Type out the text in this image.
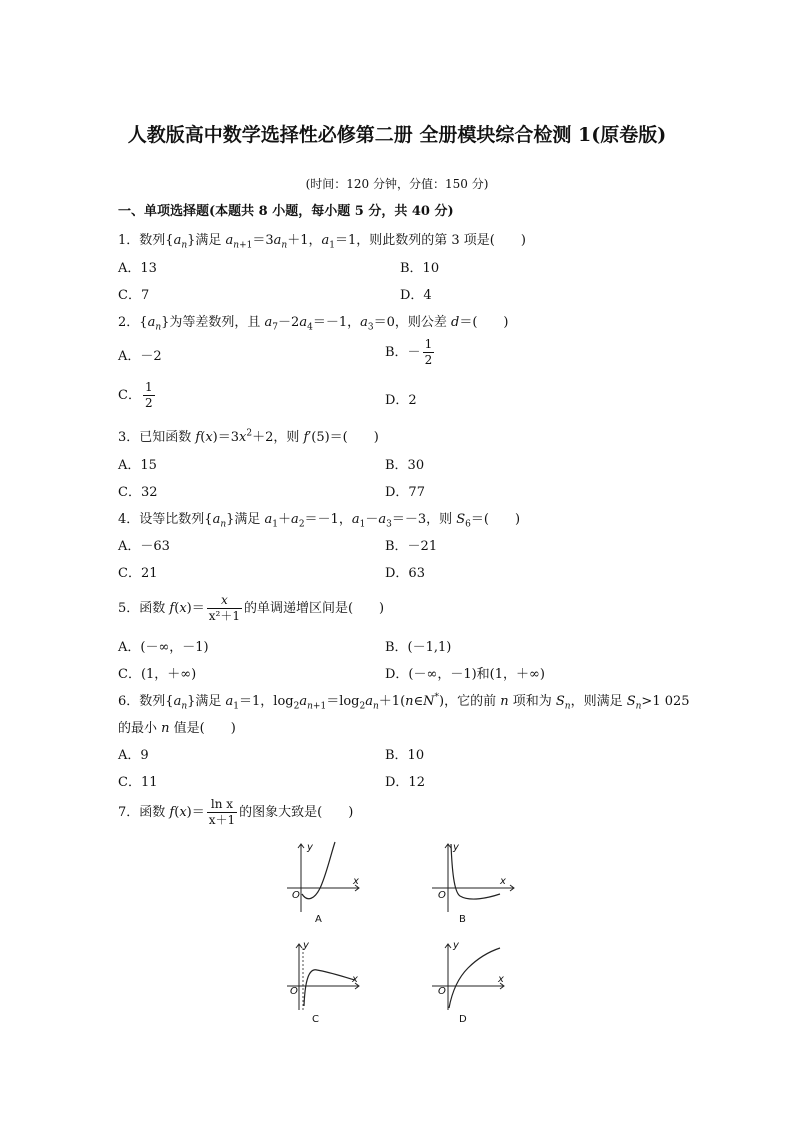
人教版高中数学选择性必修第二册 全册模块综合检测 1(原卷版)
(时间：120 分钟，分值：150 分)
一、单项选择题(本题共 8 小题，每小题 5 分，共 40 分)
1．数列$\{a_n\}$满足 $a_{n+1}=3a_n+1$，$a_1=1$，则此数列的第 3 项是(　　)
A．13	B．10
C．7	D．4
2．$\{a_n\}$为等差数列，且 $a_7-2a_4=-1$，$a_3=0$，则公差 d＝(　　)
A．－2	B．－ $\frac{1}{2}$
C． $\frac{1}{2}$	D．2
3．已知函数 $f(x)=3x^2+2$，则 f′(5)＝(　　)
A．15	B．30
C．32	D．77
4．设等比数列$\{a_n\}$满足 $a_1+a_2=-1$，$a_1-a_3=-3$，则 $S_6=$(　　)
A．－63	B．－21
C．21	D．63
5．函数 $f(x)= \frac{x}{\text{x²＋1}}$ 的单调递增区间是(　　)
A．(－∞，－1)	B．(－1,1)
C．(1，＋∞)	D．(－∞，－1)和(1，＋∞)
6．数列$\{a_n\}$满足 $a_1=1$，$\log_2a_{n+1}=\log_2a_n+1(n\in N^*)$，它的前 n 项和为 $S_n$，则满足 $S_n>1$ 025
的最小 n 值是(　　)
A．9	B．10
C．11	D．12
7．函数 $f(x)= \frac{\text{ln x}}{x+1}$ 的图象大致是(　　)
y
x
O
A
y
x
O
B
y
x
O
C
y
x
O
D
